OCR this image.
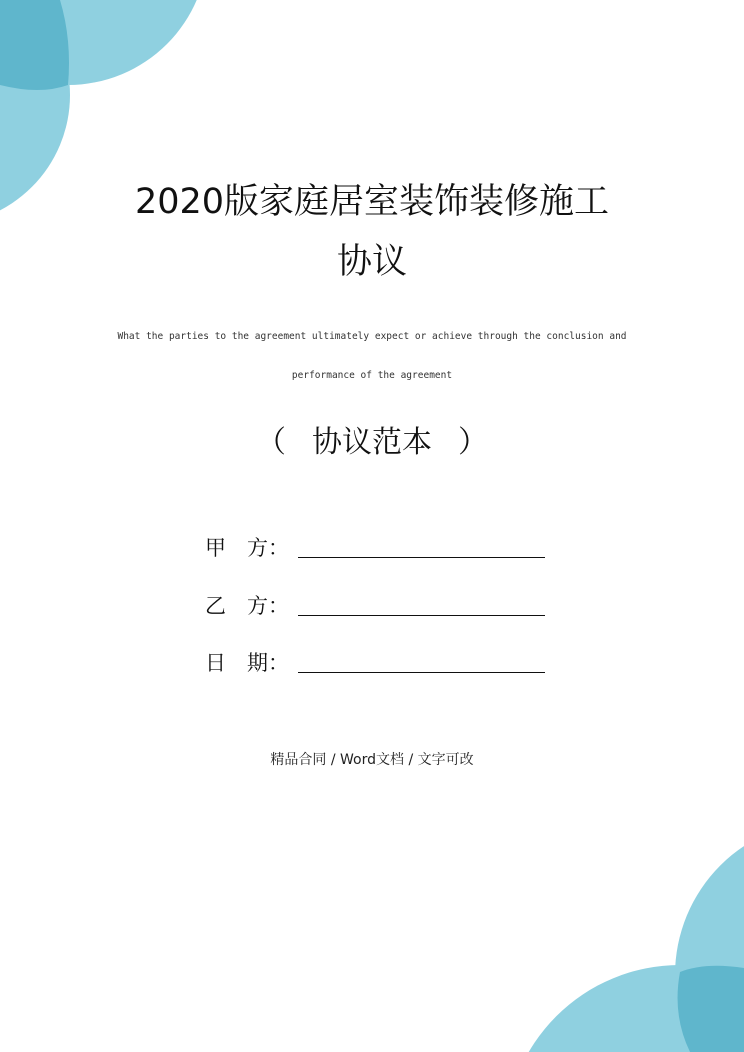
2020版家庭居室装饰装修施工
协议
What the parties to the agreement ultimately expect or achieve through the conclusion and
performance of the agreement
（ 协议范本 ）
甲　方：
乙　方：
日　期：
精品合同 / Word文档 / 文字可改
